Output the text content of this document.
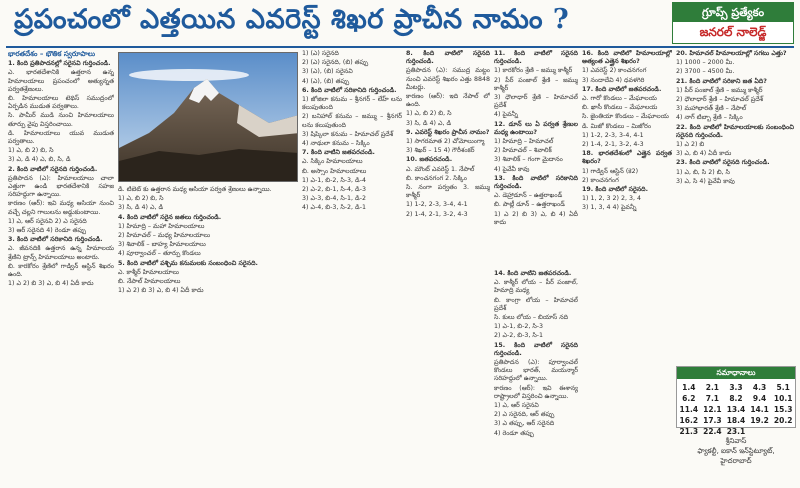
ప్రపంచంలో ఎత్తయిన ఎవరెస్ట్ శిఖర ప్రాచీన నామం ?	గ్రూప్స్ ప్రత్యేకం
జనరల్ నాలెడ్జ్

భారతదేశం – భౌతిక స్వరూపాలు

1. కింది ప్రతిపాదనల్లో సరైనవి గుర్తించండి.

ఎ. భారతదేశానికి ఉత్తరాన ఉన్న హిమాలయాలు ప్రపంచంలో అత్యున్నత పర్వతశ్రేణులు.

బి. హిమాలయాలు టెథిస్ సముద్రంలో ఏర్పడిన ముడుత పర్వతాలు.

సి. పామీర్ ముడి నుంచి హిమాలయాలు తూర్పు వైపు విస్తరించాయి.

డి. హిమాలయాలు యువ ముడుత పర్వతాలు.

1) ఎ, బి 2) బి, సి

3) ఎ, డి 4) ఎ, బి, సి, డి

2. కింది వాటిలో సరైనది గుర్తించండి.

ప్రతిపాదన (ఎ): హిమాలయాలు చాలా ఎత్తుగా ఉండి భారతదేశానికి సహజ సరిహద్దుగా ఉన్నాయి.

కారణం (ఆర్): ఇవి మధ్య ఆసియా నుంచి వచ్చే చల్లని గాలులను అడ్డుకుంటాయి.

1) ఎ, ఆర్ సరైనవి 2) ఎ సరైనది

3) ఆర్ సరైనది 4) రెండూ తప్పు

3. కింది వాటిలో సరికానిది గుర్తించండి.

ఎ. జీవనదికి ఉత్తరాన ఉన్న హిమాలయ శ్రేణిని ట్రాన్స్ హిమాలయాలు అంటారు.

బి. కారకోరం శ్రేణిలో గాడ్విన్ ఆస్టిన్ శిఖరం ఉంది.

1) ఎ 2) బి 3) ఎ, బి 4) ఏదీ కాదు

డి. టిబెట్ కు ఉత్తరాన మధ్య ఆసియా పర్వత శ్రేణులు ఉన్నాయి.

1) ఎ, బి 2) బి, సి

3) సి, డి 4) ఎ, డి

4. కింది వాటిలో సరైన జతలు గుర్తించండి.

1) హిమాద్రి – మహా హిమాలయాలు

2) హిమాచల్ – మధ్య హిమాలయాలు

3) శివాలిక్ – బాహ్య హిమాలయాలు

4) పూర్వాంచల్ – తూర్పు కొండలు

5. కింది వాటిలో పశ్చిమ కనుమలకు సంబంధించి సరైనది.

ఎ. కాశ్మీర్ హిమాలయాలు

బి. నేపాల్ హిమాలయాలు

1) ఎ 2) బి 3) ఎ, బి 4) ఏదీ కాదు

1) (ఎ) సరైనది

2) (ఎ) సరైనది, (బి) తప్పు

3) (ఎ), (బి) సరైనవి

4) (ఎ), (బి) తప్పు

6. కింది వాటిలో సరికానిది గుర్తించండి.

1) జోజిలా కనుమ – శ్రీనగర్ – లేహ్ లను కలుపుతుంది

2) బనిహాల్ కనుమ – జమ్ము – శ్రీనగర్ లను కలుపుతుంది

3) షిప్కిలా కనుమ – హిమాచల్ ప్రదేశ్

4) నాథులా కనుమ – సిక్కిం

7. కింది వాటిని జతపరచండి.

ఎ. సిక్కిం హిమాలయాలు

బి. అస్సాం హిమాలయాలు

1) ఎ-1, బి-2, సి-3, డి-4

2) ఎ-2, బి-1, సి-4, డి-3

3) ఎ-3, బి-4, సి-1, డి-2

4) ఎ-4, బి-3, సి-2, డి-1

8. కింది వాటిలో సరైనది గుర్తించండి.

ప్రతిపాదన (ఎ): సముద్ర మట్టం నుంచి ఎవరెస్ట్ శిఖరం ఎత్తు 8848 మీటర్లు.

కారణం (ఆర్): ఇది నేపాల్ లో ఉంది.

1) ఎ, బి 2) బి, సి

3) సి, డి 4) ఎ, డి

9. ఎవరెస్ట్ శిఖరం ప్రాచీన నామం?

1) సాగరమాత 2) చోమోలుంగ్మా

3) శిఖర్ – 15 4) గౌరీశంకర్

10. జతపరచండి.

ఎ. మౌంట్ ఎవరెస్ట్ 1. నేపాల్

బి. కాంచనగంగ 2. సిక్కిం

సి. నంగా పర్వతం 3. జమ్ము కాశ్మీర్

1) 1-2, 2-3, 3-4, 4-1

2) 1-4, 2-1, 3-2, 4-3

11. కింది వాటిలో సరైనది గుర్తించండి.

1) కారకోరం శ్రేణి – జమ్ము కాశ్మీర్

2) పీర్ పంజాల్ శ్రేణి – జమ్ము కాశ్మీర్

3) ధౌలాధార్ శ్రేణి – హిమాచల్ ప్రదేశ్

4) పైవన్నీ

12. డూన్ లు ఏ పర్వత శ్రేణుల మధ్య ఉంటాయి?

1) హిమాద్రి – హిమాచల్

2) హిమాచల్ – శివాలిక్

3) శివాలిక్ – గంగా మైదానం

4) పైవేవీ కావు

13. కింది వాటిలో సరికానిది గుర్తించండి.

ఎ. డెహ్రాడూన్ – ఉత్తరాఖండ్

బి. పాట్లీ డూన్ – ఉత్తరాఖండ్

1) ఎ 2) బి 3) ఎ, బి 4) ఏదీ కాదు

14. కింది వాటిని జతపరచండి.

ఎ. కాశ్మీర్ లోయ – పీర్ పంజాల్, హిమాద్రి మధ్య

బి. కాంగ్రా లోయ – హిమాచల్ ప్రదేశ్

సి. కులు లోయ – బియాస్ నది

1) ఎ-1, బి-2, సి-3

2) ఎ-2, బి-3, సి-1

15. కింది వాటిలో సరైనది గుర్తించండి.

ప్రతిపాదన (ఎ): పూర్వాంచల్ కొండలు భారత్, మయన్మార్ సరిహద్దులో ఉన్నాయి.

కారణం (ఆర్): ఇవి ఈశాన్య రాష్ట్రాలలో విస్తరించి ఉన్నాయి.

1) ఎ, ఆర్ సరైనవి

2) ఎ సరైనది, ఆర్ తప్పు

3) ఎ తప్పు, ఆర్ సరైనది

4) రెండూ తప్పు

16. కింది వాటిలో హిమాలయాల్లో అత్యంత ఎత్తైన శిఖరం?

1) ఎవరెస్ట్ 2) కాంచనగంగ

3) నందాదేవి 4) ధవళగిరి

17. కింది వాటిలో జతపరచండి.

ఎ. గారో కొండలు – మేఘాలయ

బి. ఖాసీ కొండలు – మేఘాలయ

సి. జైంతియా కొండలు – మేఘాలయ

డి. మిజో కొండలు – మిజోరం

1) 1-2, 2-3, 3-4, 4-1

2) 1-4, 2-1, 3-2, 4-3

18. భారతదేశంలో ఎత్తైన పర్వత శిఖరం?

1) గాడ్విన్ ఆస్టిన్ (కె2)

2) కాంచనగంగ

19. కింది వాటిలో సరైనది.

1) 1, 2, 3 2) 2, 3, 4

3) 1, 3, 4 4) పైవన్నీ

20. హిమాచల్ హిమాలయాల్లో సగటు ఎత్తు?

1) 1000 – 2000 మీ.

2) 3700 – 4500 మీ.

21. కింది వాటిలో సరికాని జత ఏది?

1) పీర్ పంజాల్ శ్రేణి – జమ్ము కాశ్మీర్

2) ధౌలాధార్ శ్రేణి – హిమాచల్ ప్రదేశ్

3) మహాభారత్ శ్రేణి – నేపాల్

4) నాగ్ టిబ్బా శ్రేణి – సిక్కిం

22. కింది వాటిలో హిమాలయాలకు సంబంధించి సరైనది గుర్తించండి.

1) ఎ 2) బి

3) ఎ, బి 4) ఏదీ కాదు

23. కింది వాటిలో సరైనది గుర్తించండి.

1) ఎ, బి, సి 2) బి, సి

3) ఎ, సి 4) పైవేవీ కావు

సమాధానాలు
1.4	2.1	3.3	4.3	5.1
6.2	7.1	8.2	9.4	10.1
11.4	12.1	13.4	14.1	15.3
16.2	17.3	18.4	19.2	20.2
21.3	22.4	23.1		
శ్రీనివాస్
ఫ్యాకల్టీ, ఐకాన్ ఇన్‌స్టిట్యూట్,
హైదరాబాద్
